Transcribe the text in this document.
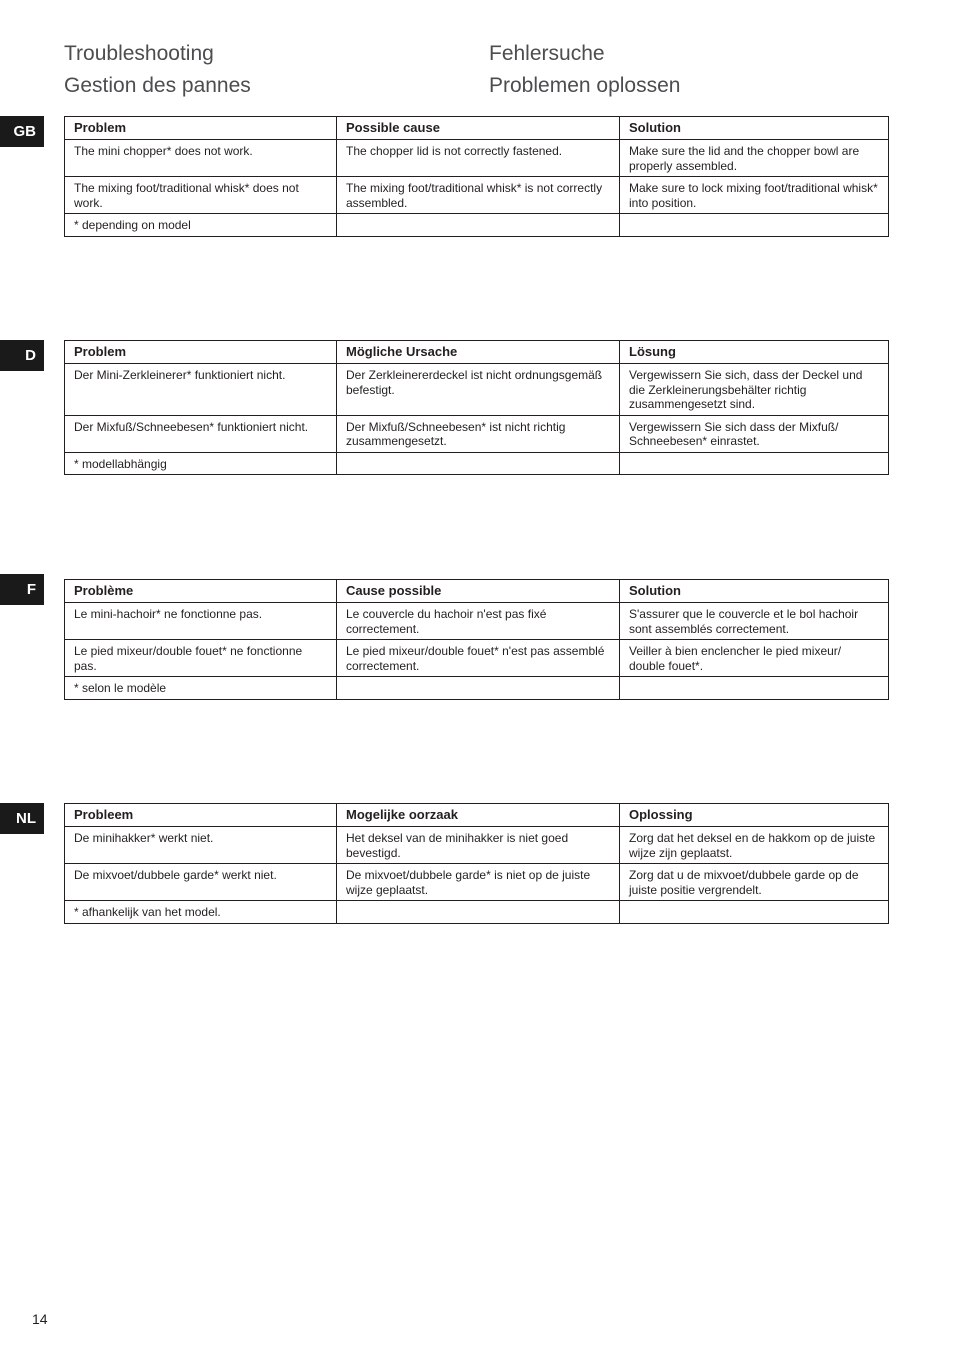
Troubleshooting
Gestion des pannes
Fehlersuche
Problemen oplossen
GB	Problem	Possible cause	Solution
The mini chopper* does not work.	The chopper lid is not correctly fastened.	Make sure the lid and the chopper bowl are properly assembled.
The mixing foot/traditional whisk* does not work.	The mixing foot/traditional whisk* is not correctly assembled.	Make sure to lock mixing foot/traditional whisk* into position.
* depending on model		
D	Problem	Mögliche Ursache	Lösung
Der Mini-Zerkleinerer* funktioniert nicht.	Der Zerkleinererdeckel ist nicht ordnungsgemäß befestigt.	Vergewissern Sie sich, dass der Deckel und die Zerkleinerungsbehälter richtig zusammengesetzt sind.
Der Mixfuß/Schneebesen* funktioniert nicht.	Der Mixfuß/Schneebesen* ist nicht richtig zusammengesetzt.	Vergewissern Sie sich dass der Mixfuß/ Schneebesen* einrastet.
* modellabhängig		
F	Problème	Cause possible	Solution
Le mini-hachoir* ne fonctionne pas.	Le couvercle du hachoir n'est pas fixé correctement.	S'assurer que le couvercle et le bol hachoir sont assemblés correctement.
Le pied mixeur/double fouet* ne fonctionne pas.	Le pied mixeur/double fouet* n'est pas assemblé correctement.	Veiller à bien enclencher le pied mixeur/ double fouet*.
* selon le modèle		
NL	Probleem	Mogelijke oorzaak	Oplossing
De minihakker* werkt niet.	Het deksel van de minihakker is niet goed bevestigd.	Zorg dat het deksel en de hakkom op de juiste wijze zijn geplaatst.
De mixvoet/dubbele garde* werkt niet.	De mixvoet/dubbele garde* is niet op de juiste wijze geplaatst.	Zorg dat u de mixvoet/dubbele garde op de juiste positie vergrendelt.
* afhankelijk van het model.		
14
